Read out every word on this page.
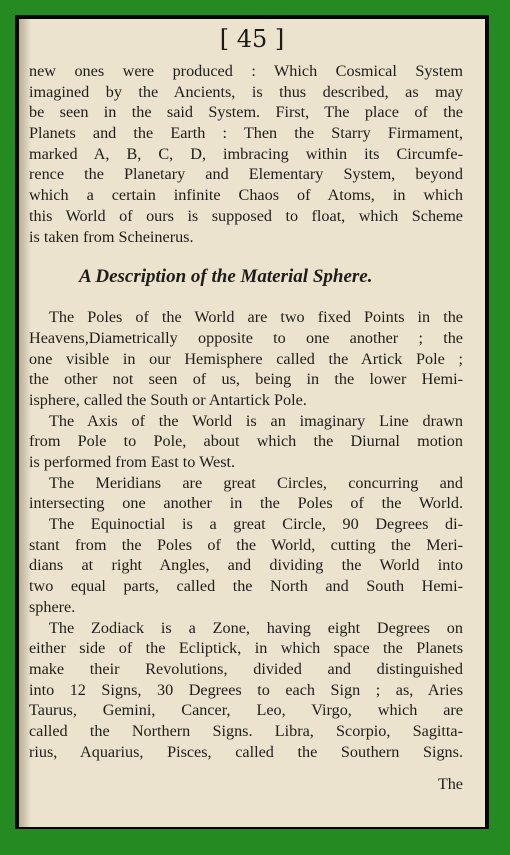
[ 45 ]
new ones were produced : Which Cosmical System
imagined by the Ancients, is thus described, as may
be seen in the said System. First, The place of the
Planets and the Earth : Then the Starry Firmament,
marked A, B, C, D, imbracing within its Circumfe-
rence the Planetary and Elementary System, beyond
which a certain infinite Chaos of Atoms, in which
this World of ours is supposed to float, which Scheme
is taken from Scheinerus.
A Description of the Material Sphere.
The Poles of the World are two fixed Points in the
Heavens,Diametrically opposite to one another ; the
one visible in our Hemisphere called the Artick Pole ;
the other not seen of us, being in the lower Hemi-
isphere, called the South or Antartick Pole.
The Axis of the World is an imaginary Line drawn
from Pole to Pole, about which the Diurnal motion
is performed from East to West.
The Meridians are great Circles, concurring and
intersecting one another in the Poles of the World.
The Equinoctial is a great Circle, 90 Degrees di-
stant from the Poles of the World, cutting the Meri-
dians at right Angles, and dividing the World into
two equal parts, called the North and South Hemi-
sphere.
The Zodiack is a Zone, having eight Degrees on
either side of the Ecliptick, in which space the Planets
make their Revolutions, divided and distinguished
into 12 Signs, 30 Degrees to each Sign ; as, Aries
Taurus, Gemini, Cancer, Leo, Virgo, which are
called the Northern Signs. Libra, Scorpio, Sagitta-
rius, Aquarius, Pisces, called the Southern Signs.
The
